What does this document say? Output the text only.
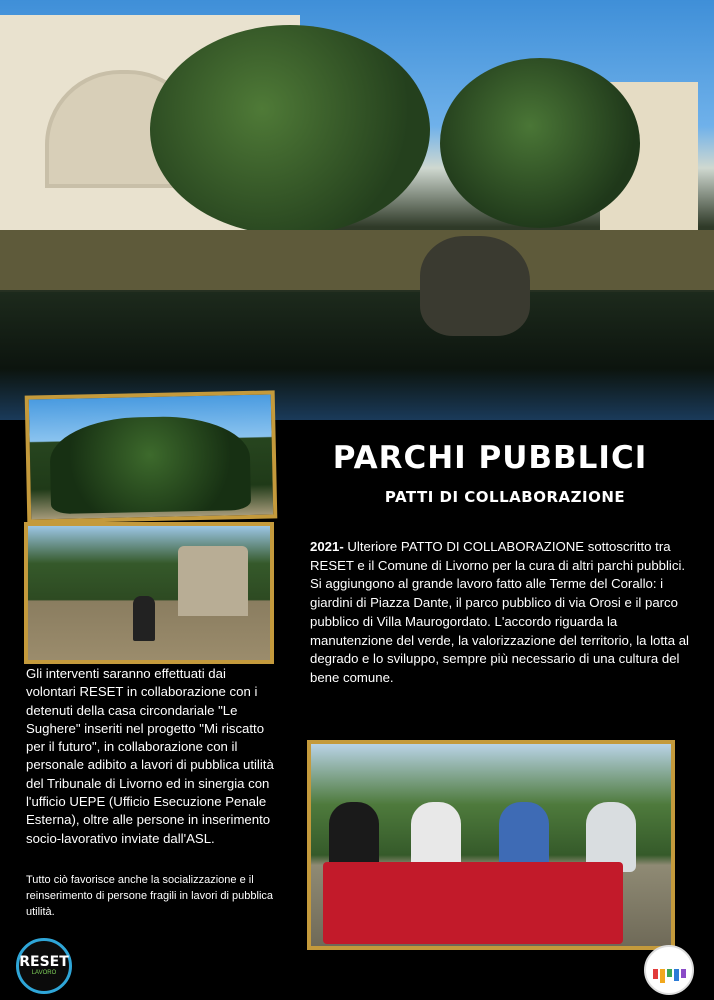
PARCHI PUBBLICI
PATTI DI COLLABORAZIONE

2021- Ulteriore PATTO DI COLLABORAZIONE sottoscritto tra RESET e il Comune di Livorno per la cura di altri parchi pubblici. Si aggiungono al grande lavoro fatto alle Terme del Corallo: i giardini di Piazza Dante, il parco pubblico di via Orosi e il parco pubblico di Villa Maurogordato. L'accordo riguarda la manutenzione del verde, la valorizzazione del territorio, la lotta al degrado e lo sviluppo, sempre più necessario di una cultura del bene comune.

Gli interventi saranno effettuati dai volontari RESET in collaborazione con i detenuti della casa circondariale "Le Sughere" inseriti nel progetto "Mi riscatto per il futuro", in collaborazione con il personale adibito a lavori di pubblica utilità del Tribunale di Livorno ed in sinergia con l'ufficio UEPE (Ufficio Esecuzione Penale Esterna), oltre alle persone in inserimento socio-lavorativo inviate dall'ASL.

Tutto ciò favorisce anche la socializzazione e il reinserimento di persone fragili in lavori di pubblica utilità.

RESET
LAVORO
